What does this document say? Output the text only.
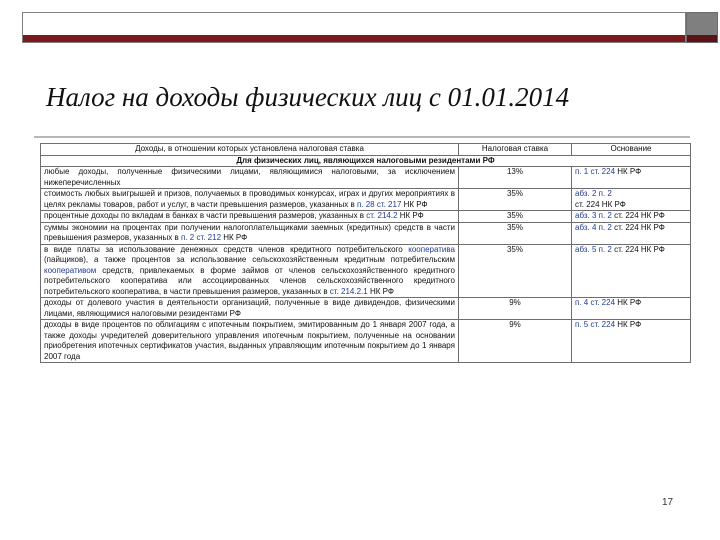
Налог на доходы физических лиц с 01.01.2014
Доходы, в отношении которых установлена налоговая ставка	Налоговая ставка	Основание
Для физических лиц, являющихся налоговыми резидентами РФ		
любые доходы, полученные физическими лицами, являющимися налоговыми, за исключением нижеперечисленных	13%	п. 1 ст. 224 НК РФ
стоимость любых выигрышей и призов, получаемых в проводимых конкурсах, играх и других мероприятиях в целях рекламы товаров, работ и услуг, в части превышения размеров, указанных в п. 28 ст. 217 НК РФ	35%	абз. 2 п. 2
ст. 224 НК РФ
процентные доходы по вкладам в банках в части превышения размеров, указанных в ст. 214.2 НК РФ	35%	абз. 3 п. 2 ст. 224 НК РФ
суммы экономии на процентах при получении налогоплательщиками заемных (кредитных) средств в части превышения размеров, указанных в п. 2 ст. 212 НК РФ	35%	абз. 4 п. 2 ст. 224 НК РФ
в виде платы за использование денежных средств членов кредитного потребительского кооператива (пайщиков), а также процентов за использование сельскохозяйственным кредитным потребительским кооперативом средств, привлекаемых в форме займов от членов сельскохозяйственного кредитного потребительского кооператива или ассоциированных членов сельскохозяйственного кредитного потребительского кооператива, в части превышения размеров, указанных в ст. 214.2.1 НК РФ	35%	абз. 5 п. 2 ст. 224 НК РФ
доходы от долевого участия в деятельности организаций, полученные в виде дивидендов, физическими лицами, являющимися налоговыми резидентами РФ	9%	п. 4 ст. 224 НК РФ
доходы в виде процентов по облигациям с ипотечным покрытием, эмитированным до 1 января 2007 года, а также доходы учредителей доверительного управления ипотечным покрытием, полученные на основании приобретения ипотечных сертификатов участия, выданных управляющим ипотечным покрытием до 1 января 2007 года	9%	п. 5 ст. 224 НК РФ
17
